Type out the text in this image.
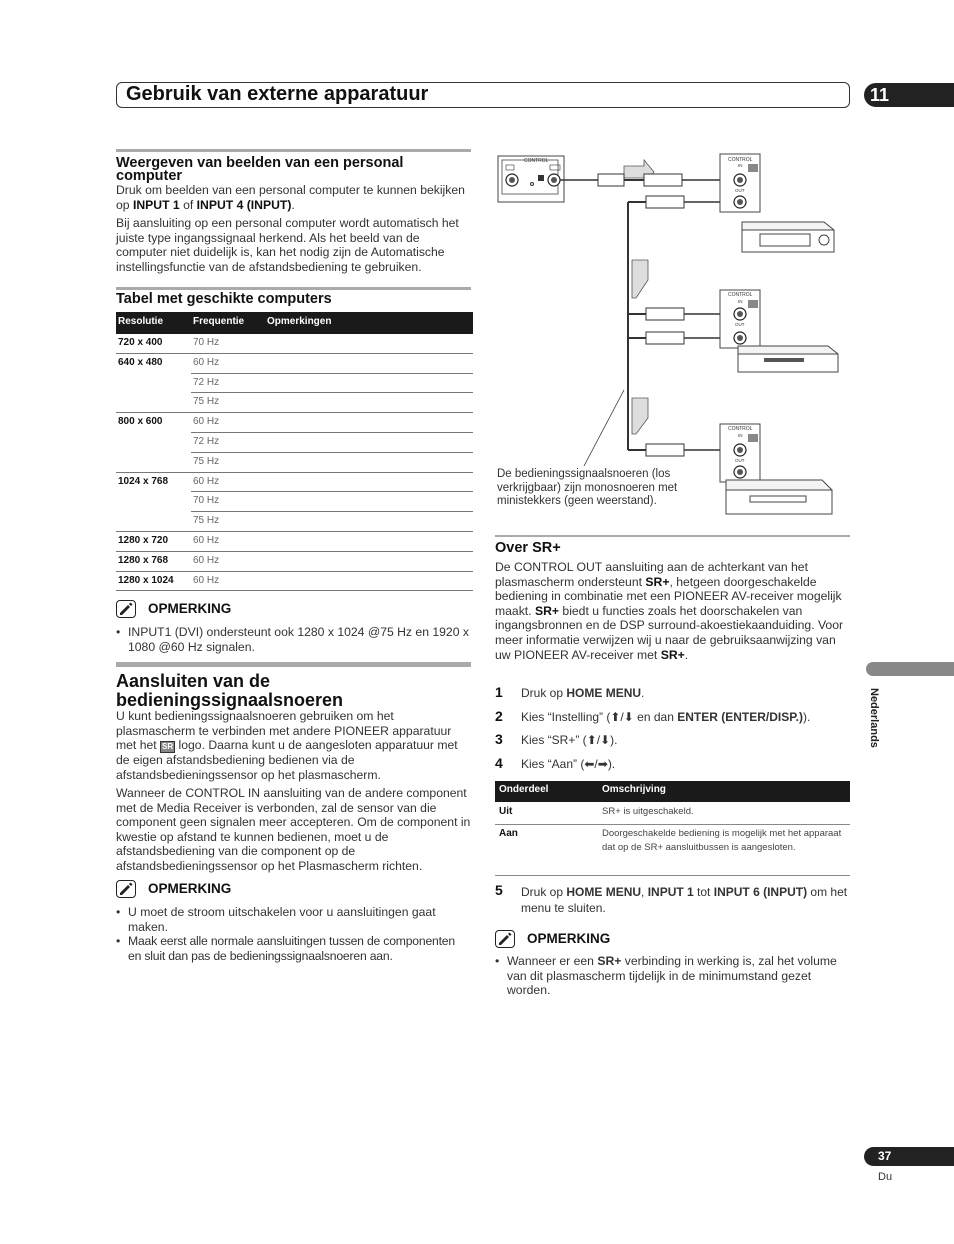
Gebruik van externe apparatuur	11
Weergeven van beelden van een personal computer
Druk om beelden van een personal computer te kunnen bekijken op INPUT 1 of INPUT 4 (INPUT).
Bij aansluiting op een personal computer wordt automatisch het juiste type ingangssignaal herkend. Als het beeld van de computer niet duidelijk is, kan het nodig zijn de Automatische instellingsfunctie van de afstandsbediening te gebruiken.
Tabel met geschikte computers
Resolutie	Frequentie Opmerkingen
720 x 400	70 Hz
640 x 480	60 Hz
72 Hz
75 Hz
800 x 600	60 Hz
72 Hz
75 Hz
1024 x 768 60 Hz
70 Hz
75 Hz
1280 x 720 60 Hz
1280 x 768 60 Hz
1280 x 1024 60 Hz
OPMERKING
• INPUT1 (DVI) ondersteunt ook 1280 x 1024 @75 Hz en 1920 x 1080 @60 Hz signalen.
Aansluiten van de
bedieningssignaalsnoeren
U kunt bedieningssignaalsnoeren gebruiken om het plasmascherm te verbinden met andere PIONEER apparatuur met het SR logo. Daarna kunt u de aangesloten apparatuur met de eigen afstandsbediening bedienen via de afstandsbedieningssensor op het plasmascherm.
Wanneer de CONTROL IN aansluiting van de andere component met de Media Receiver is verbonden, zal de sensor van die component geen signalen meer accepteren. Om de component in kwestie op afstand te kunnen bedienen, moet u de afstandsbediening van die component op de afstandsbedieningssensor op het Plasmascherm richten.
OPMERKING
• U moet de stroom uitschakelen voor u aansluitingen gaat maken.
• Maak eerst alle normale aansluitingen tussen de componenten en sluit dan pas de bedieningssignaalsnoeren aan.
CONTROL	CONTROL
IN
OUT
CONTROL
IN
OUT
CONTROL
IN
OUT
De bedieningssignaalsnoeren (los verkrijgbaar) zijn monosnoeren met ministekkers (geen weerstand).
Over SR+
De CONTROL OUT aansluiting aan de achterkant van het plasmascherm ondersteunt SR+, hetgeen doorgeschakelde bediening in combinatie met een PIONEER AV-receiver mogelijk maakt. SR+ biedt u functies zoals het doorschakelen van ingangsbronnen en de DSP surround-akoestiekaanduiding. Voor meer informatie verwijzen wij u naar de gebruiksaanwijzing van uw PIONEER AV-receiver met SR+.
1 Druk op HOME MENU.
2 Kies “Instelling” (⬆/⬇ en dan ENTER (ENTER/DISP.)).
3 Kies “SR+” (⬆/⬇).
4 Kies “Aan” (⬅/➡).
Onderdeel	Omschrijving
Uit	SR+ is uitgeschakeld.
Aan	Doorgeschakelde bediening is mogelijk met het apparaat dat op de SR+ aansluitbussen is aangesloten.
5 Druk op HOME MENU, INPUT 1 tot INPUT 6 (INPUT) om het menu te sluiten.
OPMERKING
• Wanneer er een SR+ verbinding in werking is, zal het volume van dit plasmascherm tijdelijk in de minimumstand gezet worden.
Nederlands
37
Du
